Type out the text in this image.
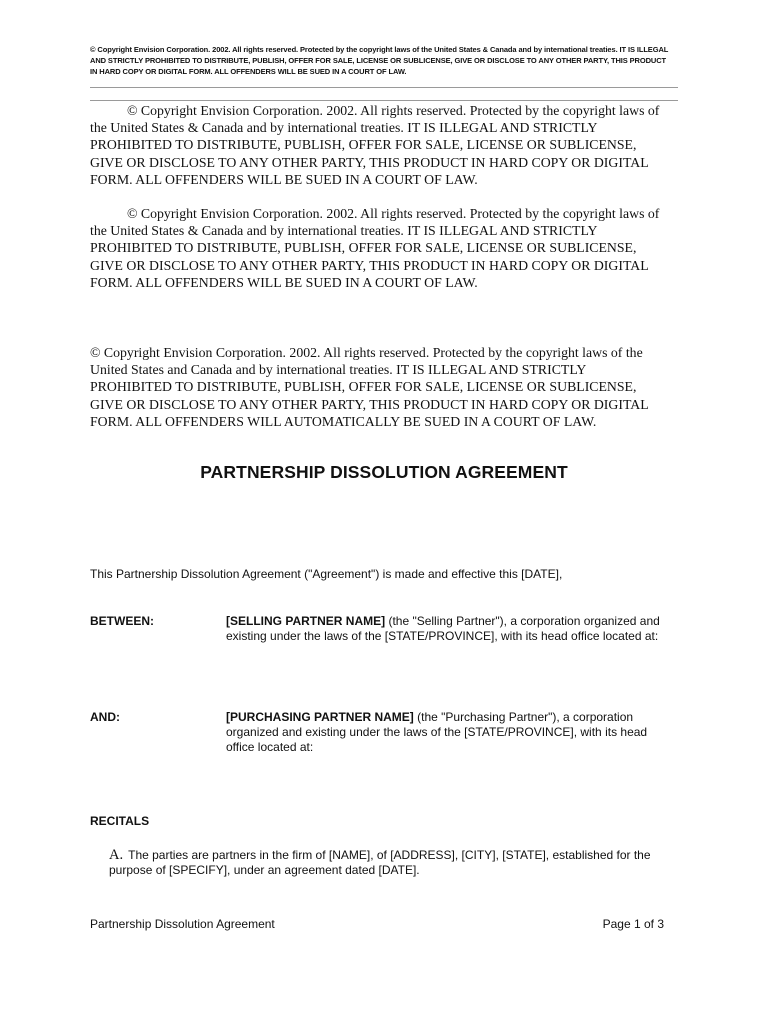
© Copyright Envision Corporation. 2002. All rights reserved. Protected by the copyright laws of the United States & Canada and by international treaties. IT IS ILLEGAL AND STRICTLY PROHIBITED TO DISTRIBUTE, PUBLISH, OFFER FOR SALE, LICENSE OR SUBLICENSE, GIVE OR DISCLOSE TO ANY OTHER PARTY, THIS PRODUCT IN HARD COPY OR DIGITAL FORM. ALL OFFENDERS WILL BE SUED IN A COURT OF LAW.
© Copyright Envision Corporation. 2002. All rights reserved. Protected by the copyright laws of the United States & Canada and by international treaties. IT IS ILLEGAL AND STRICTLY PROHIBITED TO DISTRIBUTE, PUBLISH, OFFER FOR SALE, LICENSE OR SUBLICENSE, GIVE OR DISCLOSE TO ANY OTHER PARTY, THIS PRODUCT IN HARD COPY OR DIGITAL FORM. ALL OFFENDERS WILL BE SUED IN A COURT OF LAW.
© Copyright Envision Corporation. 2002. All rights reserved. Protected by the copyright laws of the United States & Canada and by international treaties. IT IS ILLEGAL AND STRICTLY PROHIBITED TO DISTRIBUTE, PUBLISH, OFFER FOR SALE, LICENSE OR SUBLICENSE, GIVE OR DISCLOSE TO ANY OTHER PARTY, THIS PRODUCT IN HARD COPY OR DIGITAL FORM. ALL OFFENDERS WILL BE SUED IN A COURT OF LAW.
© Copyright Envision Corporation. 2002. All rights reserved. Protected by the copyright laws of the United States and Canada and by international treaties. IT IS ILLEGAL AND STRICTLY PROHIBITED TO DISTRIBUTE, PUBLISH, OFFER FOR SALE, LICENSE OR SUBLICENSE, GIVE OR DISCLOSE TO ANY OTHER PARTY, THIS PRODUCT IN HARD COPY OR DIGITAL FORM. ALL OFFENDERS WILL AUTOMATICALLY BE SUED IN A COURT OF LAW.
PARTNERSHIP DISSOLUTION AGREEMENT
This Partnership Dissolution Agreement ("Agreement") is made and effective this [DATE],
BETWEEN:	[SELLING PARTNER NAME] (the "Selling Partner"), a corporation organized and existing under the laws of the [STATE/PROVINCE], with its head office located at:
AND:	[PURCHASING PARTNER NAME] (the "Purchasing Partner"), a corporation organized and existing under the laws of the [STATE/PROVINCE], with its head office located at:
RECITALS
A. The parties are partners in the firm of [NAME], of [ADDRESS], [CITY], [STATE], established for the purpose of [SPECIFY], under an agreement dated [DATE].
Partnership Dissolution Agreement	Page 1 of 3
